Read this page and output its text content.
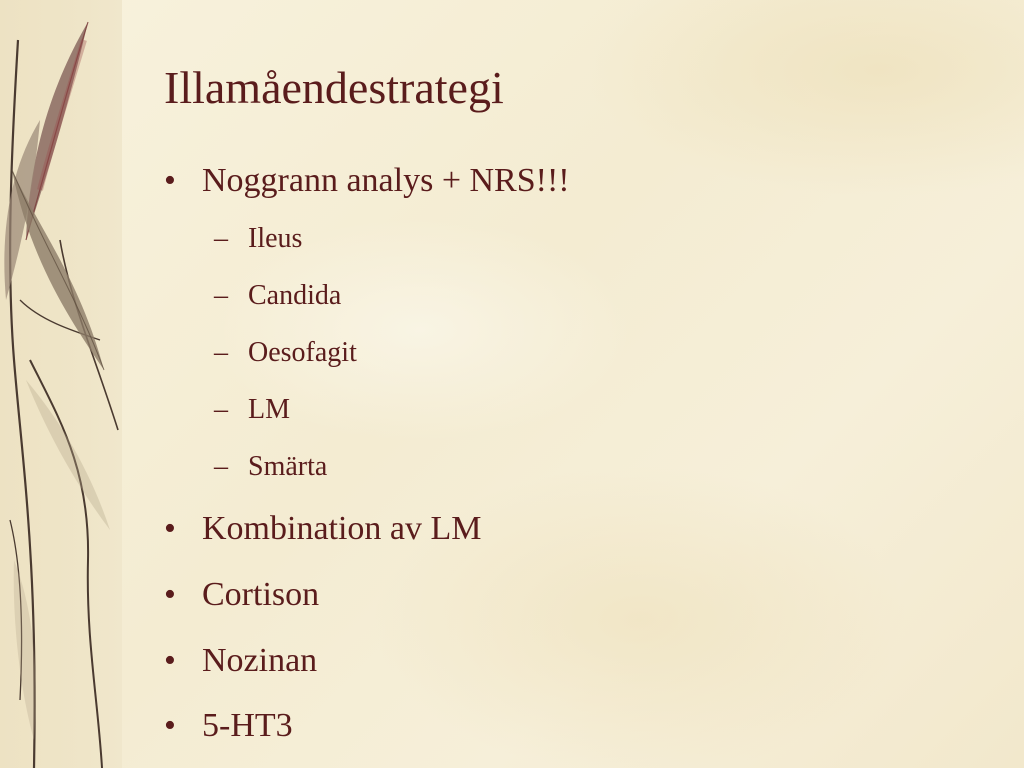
Illamåendestrategi
• Noggrann analys + NRS!!!
– Ileus
– Candida
– Oesofagit
– LM
– Smärta
• Kombination av LM
• Cortison
• Nozinan
• 5-HT3
